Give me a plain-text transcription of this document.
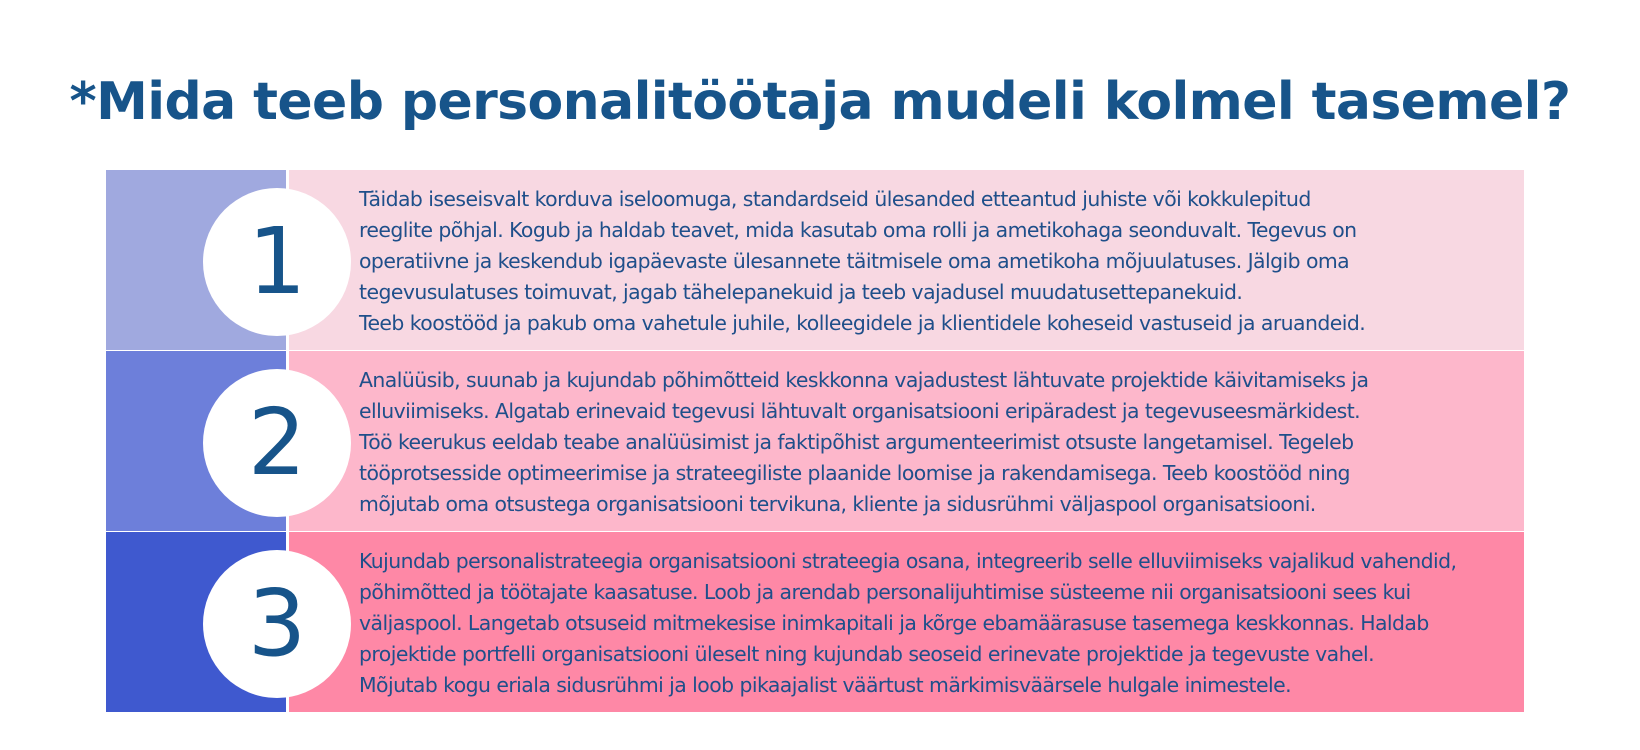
*Mida teeb personalitöötaja mudeli kolmel tasemel?
1

Täidab iseseisvalt korduva iseloomuga, standardseid ülesanded etteantud juhiste või kokkulepitud
reeglite põhjal. Kogub ja haldab teavet, mida kasutab oma rolli ja ametikohaga seonduvalt. Tegevus on
operatiivne ja keskendub igapäevaste ülesannete täitmisele oma ametikoha mõjuulatuses. Jälgib oma
tegevusulatuses toimuvat, jagab tähelepanekuid ja teeb vajadusel muudatusettepanekuid.
Teeb koostööd ja pakub oma vahetule juhile, kolleegidele ja klientidele koheseid vastuseid ja aruandeid.

2

Analüüsib, suunab ja kujundab põhimõtteid keskkonna vajadustest lähtuvate projektide käivitamiseks ja
elluviimiseks. Algatab erinevaid tegevusi lähtuvalt organisatsiooni eripäradest ja tegevuseesmärkidest.
Töö keerukus eeldab teabe analüüsimist ja faktipõhist argumenteerimist otsuste langetamisel. Tegeleb
tööprotsesside optimeerimise ja strateegiliste plaanide loomise ja rakendamisega. Teeb koostööd ning
mõjutab oma otsustega organisatsiooni tervikuna, kliente ja sidusrühmi väljaspool organisatsiooni.

3

Kujundab personalistrateegia organisatsiooni strateegia osana, integreerib selle elluviimiseks vajalikud vahendid,
põhimõtted ja töötajate kaasatuse. Loob ja arendab personalijuhtimise süsteeme nii organisatsiooni sees kui
väljaspool. Langetab otsuseid mitmekesise inimkapitali ja kõrge ebamäärasuse tasemega keskkonnas. Haldab
projektide portfelli organisatsiooni üleselt ning kujundab seoseid erinevate projektide ja tegevuste vahel.
Mõjutab kogu eriala sidusrühmi ja loob pikaajalist väärtust märkimisväärsele hulgale inimestele.
